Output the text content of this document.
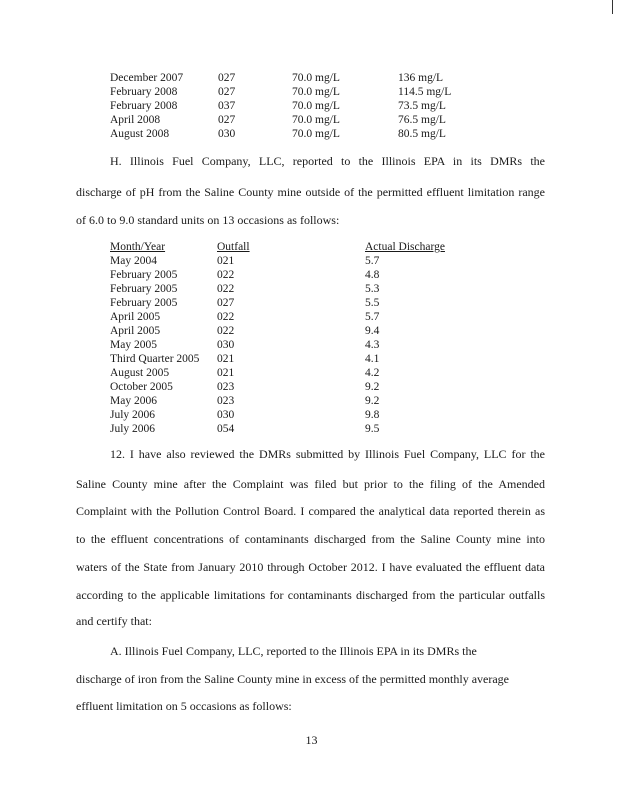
December 2007	027	70.0 mg/L	136 mg/L
February 2008	027	70.0 mg/L	114.5 mg/L
February 2008	037	70.0 mg/L	73.5 mg/L
April 2008	027	70.0 mg/L	76.5 mg/L
August 2008	030	70.0 mg/L	80.5 mg/L
H. Illinois Fuel Company, LLC, reported to the Illinois EPA in its DMRs the
discharge of pH from the Saline County mine outside of the permitted effluent limitation range
of 6.0 to 9.0 standard units on 13 occasions as follows:
Month/Year	Outfall	Actual Discharge
May 2004	021	5.7
February 2005	022	4.8
February 2005	022	5.3
February 2005	027	5.5
April 2005	022	5.7
April 2005	022	9.4
May 2005	030	4.3
Third Quarter 2005 021	4.1
August 2005	021	4.2
October 2005	023	9.2
May 2006	023	9.2
July 2006	030	9.8
July 2006	054	9.5
12. I have also reviewed the DMRs submitted by Illinois Fuel Company, LLC for the
Saline County mine after the Complaint was filed but prior to the filing of the Amended
Complaint with the Pollution Control Board. I compared the analytical data reported therein as
to the effluent concentrations of contaminants discharged from the Saline County mine into
waters of the State from January 2010 through October 2012. I have evaluated the effluent data
according to the applicable limitations for contaminants discharged from the particular outfalls
and certify that:
A. Illinois Fuel Company, LLC, reported to the Illinois EPA in its DMRs the
discharge of iron from the Saline County mine in excess of the permitted monthly average
effluent limitation on 5 occasions as follows:
13
